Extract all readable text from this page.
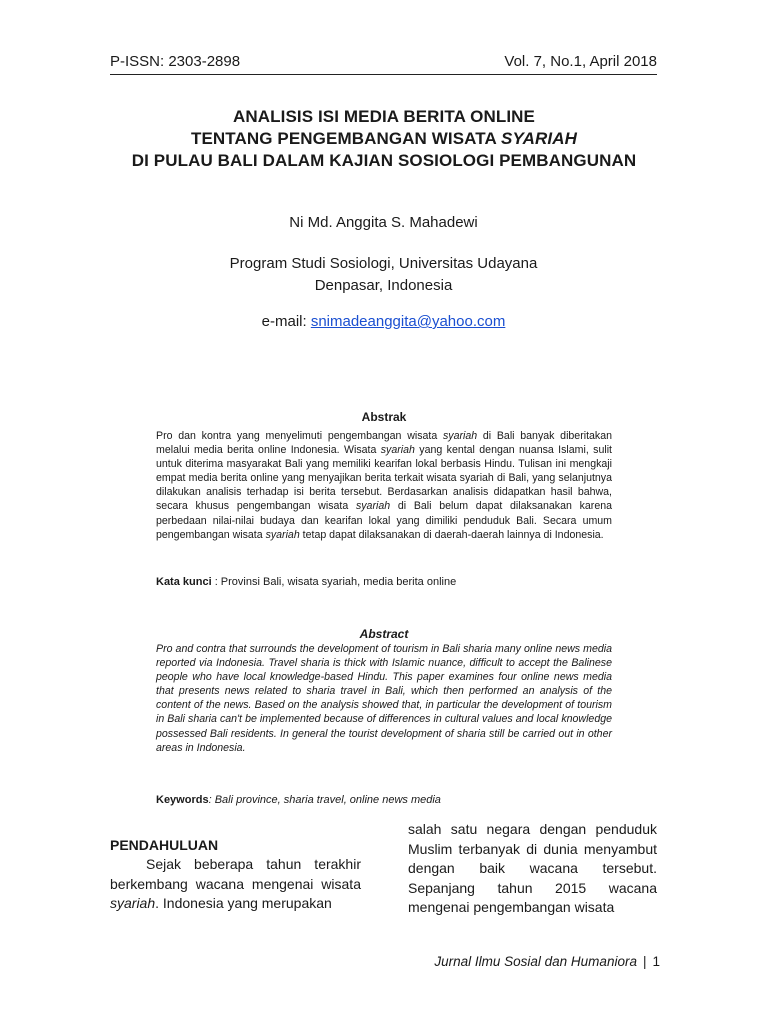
P-ISSN: 2303-2898	Vol. 7, No.1, April 2018
ANALISIS ISI MEDIA BERITA ONLINE
TENTANG PENGEMBANGAN WISATA SYARIAH
DI PULAU BALI DALAM KAJIAN SOSIOLOGI PEMBANGUNAN
Ni Md. Anggita S. Mahadewi
Program Studi Sosiologi, Universitas Udayana
Denpasar, Indonesia
e-mail: snimadeanggita@yahoo.com
Abstrak
Pro dan kontra yang menyelimuti pengembangan wisata syariah di Bali banyak diberitakan melalui media berita online Indonesia. Wisata syariah yang kental dengan nuansa Islami, sulit untuk diterima masyarakat Bali yang memiliki kearifan lokal berbasis Hindu. Tulisan ini mengkaji empat media berita online yang menyajikan berita terkait wisata syariah di Bali, yang selanjutnya dilakukan analisis terhadap isi berita tersebut. Berdasarkan analisis didapatkan hasil bahwa, secara khusus pengembangan wisata syariah di Bali belum dapat dilaksanakan karena perbedaan nilai-nilai budaya dan kearifan lokal yang dimiliki penduduk Bali. Secara umum pengembangan wisata syariah tetap dapat dilaksanakan di daerah-daerah lainnya di Indonesia.
Kata kunci : Provinsi Bali, wisata syariah, media berita online
Abstract
Pro and contra that surrounds the development of tourism in Bali sharia many online news media reported via Indonesia. Travel sharia is thick with Islamic nuance, difficult to accept the Balinese people who have local knowledge-based Hindu. This paper examines four online news media that presents news related to sharia travel in Bali, which then performed an analysis of the content of the news. Based on the analysis showed that, in particular the development of tourism in Bali sharia can't be implemented because of differences in cultural values and local knowledge possessed Bali residents. In general the tourist development of sharia still be carried out in other areas in Indonesia.
Keywords: Bali province, sharia travel, online news media
PENDAHULUAN
Sejak beberapa tahun terakhir berkembang wacana mengenai wisata syariah. Indonesia yang merupakan
salah satu negara dengan penduduk Muslim terbanyak di dunia menyambut dengan baik wacana tersebut. Sepanjang tahun 2015 wacana mengenai pengembangan wisata
Jurnal Ilmu Sosial dan Humaniora | 1
